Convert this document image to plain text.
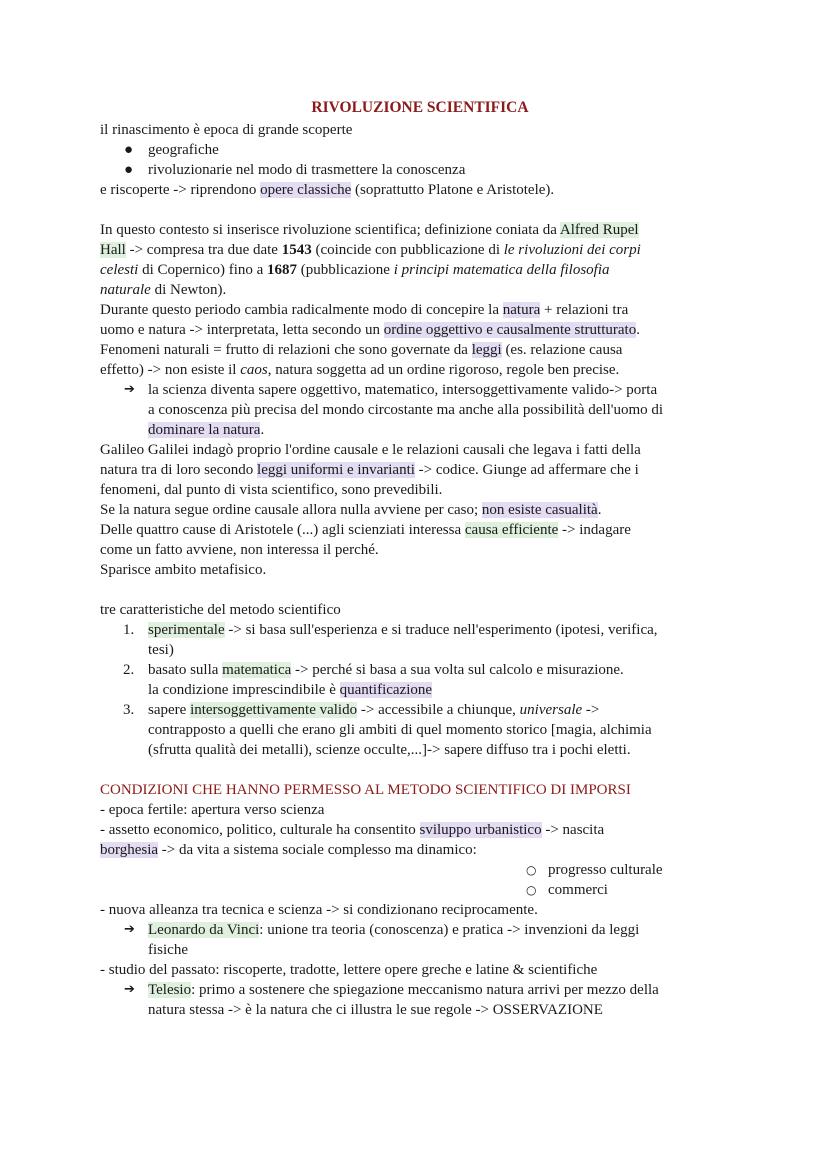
RIVOLUZIONE SCIENTIFICA
il rinascimento è epoca di grande scoperte
● geografiche
● rivoluzionarie nel modo di trasmettere la conoscenza
e riscoperte -> riprendono opere classiche (soprattutto Platone e Aristotele).
In questo contesto si inserisce rivoluzione scientifica; definizione coniata da Alfred Rupel
Hall -> compresa tra due date 1543 (coincide con pubblicazione di le rivoluzioni dei corpi
celesti di Copernico) fino a 1687 (pubblicazione i principi matematica della filosofia
naturale di Newton).
Durante questo periodo cambia radicalmente modo di concepire la natura + relazioni tra
uomo e natura -> interpretata, letta secondo un ordine oggettivo e causalmente strutturato.
Fenomeni naturali = frutto di relazioni che sono governate da leggi (es. relazione causa
effetto) -> non esiste il caos, natura soggetta ad un ordine rigoroso, regole ben precise.
➔ la scienza diventa sapere oggettivo, matematico, intersoggettivamente valido-> porta
a conoscenza più precisa del mondo circostante ma anche alla possibilità dell'uomo di
dominare la natura.
Galileo Galilei indagò proprio l'ordine causale e le relazioni causali che legava i fatti della
natura tra di loro secondo leggi uniformi e invarianti -> codice. Giunge ad affermare che i
fenomeni, dal punto di vista scientifico, sono prevedibili.
Se la natura segue ordine causale allora nulla avviene per caso; non esiste casualità.
Delle quattro cause di Aristotele (...) agli scienziati interessa causa efficiente -> indagare
come un fatto avviene, non interessa il perché.
Sparisce ambito metafisico.
tre caratteristiche del metodo scientifico
1. sperimentale -> si basa sull'esperienza e si traduce nell'esperimento (ipotesi, verifica,
tesi)
2. basato sulla matematica -> perché si basa a sua volta sul calcolo e misurazione.
la condizione imprescindibile è quantificazione
3. sapere intersoggettivamente valido -> accessibile a chiunque, universale ->
contrapposto a quelli che erano gli ambiti di quel momento storico [magia, alchimia
(sfrutta qualità dei metalli), scienze occulte,...]-> sapere diffuso tra i pochi eletti.
CONDIZIONI CHE HANNO PERMESSO AL METODO SCIENTIFICO DI IMPORSI
- epoca fertile: apertura verso scienza
- assetto economico, politico, culturale ha consentito sviluppo urbanistico -> nascita
borghesia -> da vita a sistema sociale complesso ma dinamico:
○ progresso culturale
○ commerci
- nuova alleanza tra tecnica e scienza -> si condizionano reciprocamente.
➔ Leonardo da Vinci: unione tra teoria (conoscenza) e pratica -> invenzioni da leggi
fisiche
- studio del passato: riscoperte, tradotte, lettere opere greche e latine & scientifiche
➔ Telesio: primo a sostenere che spiegazione meccanismo natura arrivi per mezzo della
natura stessa -> è la natura che ci illustra le sue regole -> OSSERVAZIONE
